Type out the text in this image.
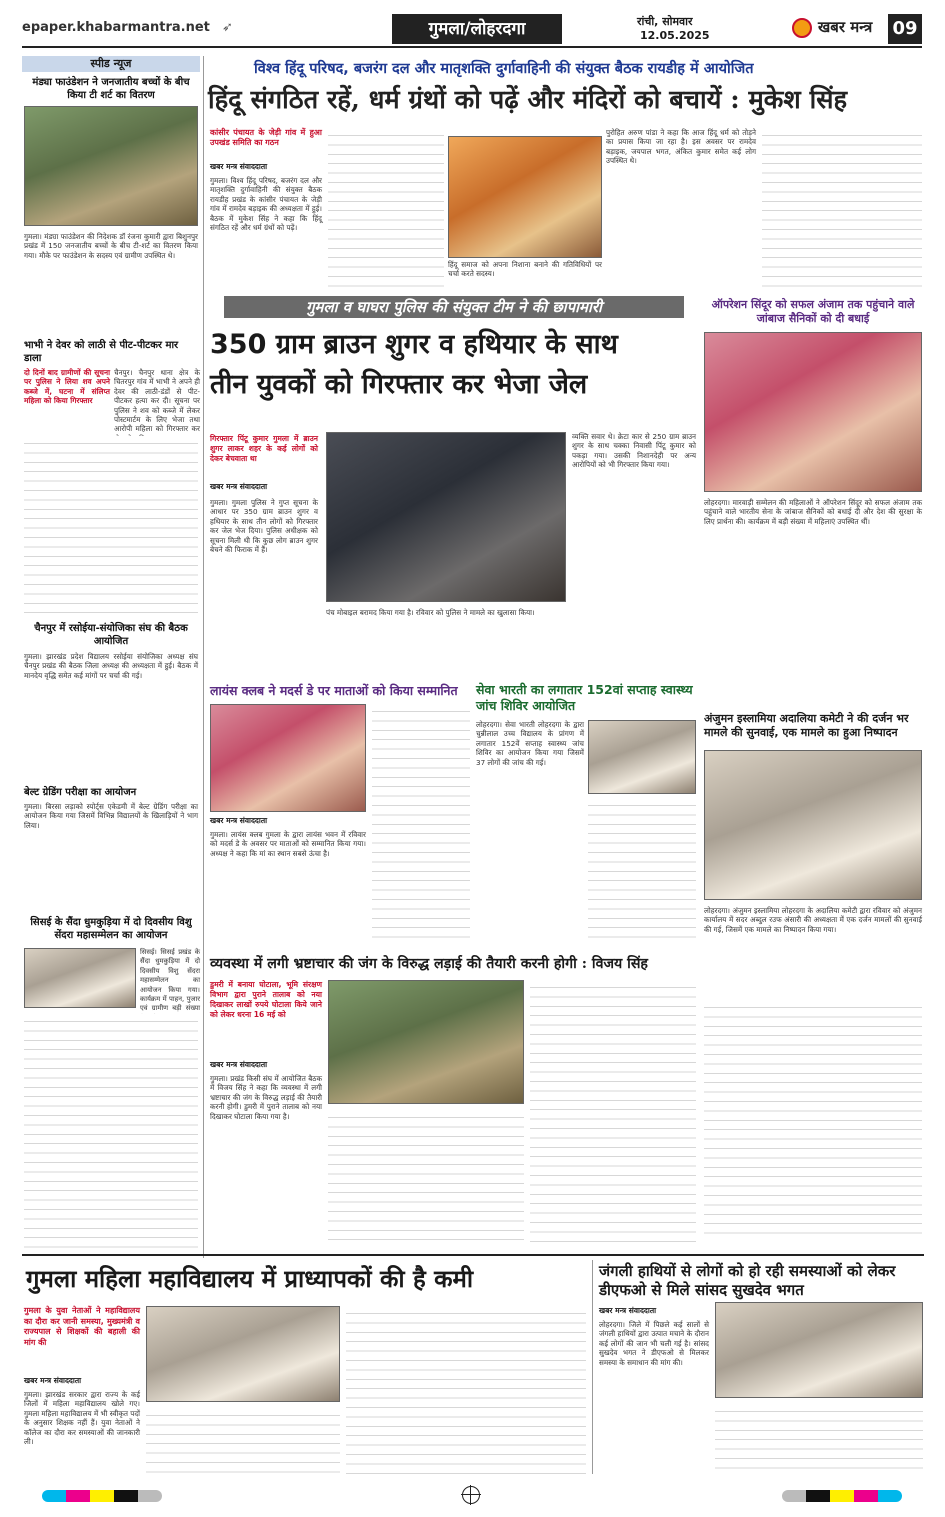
epaper.khabarmantra.net ➶	गुमला/लोहरदगा	रांची, सोमवार
12.05.2025	खबर मन्त्र 09
स्पीड न्यूज
मंड्या फाउंडेशन ने जनजातीय बच्चों के बीच किया टी शर्ट का वितरण
गुमला। मंड्या फाउंडेशन की निदेशक डॉ रंजना कुमारी द्वारा बिशुनपुर प्रखंड में 150 जनजातीय बच्चों के बीच टी-शर्ट का वितरण किया गया। मौके पर फाउंडेशन के सदस्य एवं ग्रामीण उपस्थित थे।
भाभी ने देवर को लाठी से पीट-पीटकर मार डाला
दो दिनों बाद ग्रामीणों की सूचना पर पुलिस ने लिया शव अपने कब्जे में, घटना में संलिप्त महिला को किया गिरफ्तार
चैनपुर। चैनपुर थाना क्षेत्र के चितरपुर गांव में भाभी ने अपने ही देवर की लाठी-डंडों से पीट-पीटकर हत्या कर दी। सूचना पर पुलिस ने शव को कब्जे में लेकर पोस्टमार्टम के लिए भेजा तथा आरोपी महिला को गिरफ्तार कर
चैनपुर में रसोईया-संयोजिका संघ की बैठक आयोजित
गुमला। झारखंड प्रदेश विद्यालय रसोईया संयोजिका अध्यक्ष संघ चैनपुर प्रखंड की बैठक जिला अध्यक्ष की अध्यक्षता में हुई। बैठक में मानदेय वृद्धि समेत कई मांगों पर चर्चा की गई।
बेल्ट ग्रेडिंग परीक्षा का आयोजन
गुमला। बिरसा लड़ाको स्पोर्ट्स एकेडमी में बेल्ट ग्रेडिंग परीक्षा का आयोजन किया गया जिसमें विभिन्न विद्यालयों के खिलाड़ियों ने भाग लिया।
सिसई के सैंदा धुमकुड़िया में दो दिवसीय विशु सेंदरा महासम्मेलन का आयोजन
सिसई। सिसई प्रखंड के सैंदा धुमकुड़िया में दो दिवसीय विशु सेंदरा महासम्मेलन का आयोजन किया गया। कार्यक्रम में पाहन, पुजार एवं ग्रामीण बड़ी संख्या
विश्व हिंदू परिषद, बजरंग दल और मातृशक्ति दुर्गावाहिनी की संयुक्त बैठक रायडीह में आयोजित
हिंदू संगठित रहें, धर्म ग्रंथों को पढ़ें और मंदिरों को बचायें : मुकेश सिंह
कांसीर पंचायत के जेड़ी गांव में हुआ उपखंड समिति का गठन
खबर मन्त्र संवाददाता
गुमला। विश्व हिंदू परिषद, बजरंग दल और मातृशक्ति दुर्गावाहिनी की संयुक्त बैठक रायडीह प्रखंड के कांसीर पंचायत के जेड़ी गांव में रामदेव बड़ाइक की अध्यक्षता में हुई। बैठक में मुकेश सिंह ने कहा कि हिंदू संगठित रहें और धर्म ग्रंथों को पढ़ें।
हिंदू समाज को अपना निशाना बनाने की गतिविधियों पर चर्चा करते सदस्य।
पुरोहित अरुण पांडा ने कहा कि आज हिंदू धर्म को तोड़ने का प्रयास किया जा रहा है। इस अवसर पर रामदेव बड़ाइक, जयपाल भगत, अंकित कुमार समेत कई लोग उपस्थित थे।
गुमला व घाघरा पुलिस की संयुक्त टीम ने की छापामारी
350 ग्राम ब्राउन शुगर व हथियार के साथ
तीन युवकों को गिरफ्तार कर भेजा जेल
गिरफ्तार पिंटू कुमार गुमला में ब्राउन शुगर लाकर शहर के कई लोगों को देकर बेचवाता था
खबर मन्त्र संवाददाता
गुमला। गुमला पुलिस ने गुप्त सूचना के आधार पर 350 ग्राम ब्राउन शुगर व हथियार के साथ तीन लोगों को गिरफ्तार कर जेल भेज दिया। पुलिस अधीक्षक को सूचना मिली थी कि कुछ लोग ब्राउन शुगर बेचने की फिराक में हैं।
पंच मोबाइल बरामद किया गया है। रविवार को पुलिस ने मामले का खुलासा किया।
व्यक्ति सवार थे। क्रेटा कार से 250 ग्राम ब्राउन शुगर के साथ चक्का निवासी पिंटू कुमार को पकड़ा गया। उसकी निशानदेही पर अन्य आरोपियों को भी गिरफ्तार किया गया।
ऑपरेशन सिंदूर को सफल अंजाम तक पहुंचाने वाले जांबाज सैनिकों को दी बधाई
लोहरदगा। मारवाड़ी सम्मेलन की महिलाओं ने ऑपरेशन सिंदूर को सफल अंजाम तक पहुंचाने वाले भारतीय सेना के जांबाज सैनिकों को बधाई दी और देश की सुरक्षा के लिए प्रार्थना की। कार्यक्रम में बड़ी संख्या में महिलाएं उपस्थित थीं।
लायंस क्लब ने मदर्स डे पर माताओं को किया सम्मानित
खबर मन्त्र संवाददाता
गुमला। लायंस क्लब गुमला के द्वारा लायंस भवन में रविवार को मदर्स डे के अवसर पर माताओं को सम्मानित किया गया। अध्यक्ष ने कहा कि मां का स्थान सबसे ऊंचा है।
सेवा भारती का लगातार 152वां सप्ताह स्वास्थ्य जांच शिविर आयोजित
लोहरदगा। सेवा भारती लोहरदगा के द्वारा चुन्नीलाल उच्च विद्यालय के प्रांगण में लगातार 152वें सप्ताह स्वास्थ्य जांच शिविर का आयोजन किया गया जिसमें 37 लोगों की जांच की गई।
अंजुमन इस्लामिया अदालिया कमेटी ने की दर्जन भर मामले की सुनवाई, एक मामले का हुआ निष्पादन
लोहरदगा। अंजुमन इस्लामिया लोहरदगा के अदालिया कमेटी द्वारा रविवार को अंजुमन कार्यालय में सदर अब्दुल रउफ अंसारी की अध्यक्षता में एक दर्जन मामलों की सुनवाई की गई, जिसमें एक मामले का निष्पादन किया गया।
व्यवस्था में लगी भ्रष्टाचार की जंग के विरुद्ध लड़ाई की तैयारी करनी होगी : विजय सिंह
डुमरी में बनाया घोटाला, भूमि संरक्षण विभाग द्वारा पुराने तालाब को नया दिखाकर लाखों रुपये घोटाला किये जाने को लेकर धरना 16 मई को
खबर मन्त्र संवाददाता
गुमला। प्रखंड किसी संघ में आयोजित बैठक में विजय सिंह ने कहा कि व्यवस्था में लगी भ्रष्टाचार की जंग के विरुद्ध लड़ाई की तैयारी करनी होगी। डुमरी में पुराने तालाब को नया दिखाकर घोटाला किया गया है।
गुमला महिला महाविद्यालय में प्राध्यापकों की है कमी
गुमला के युवा नेताओं ने महाविद्यालय का दौरा कर जानी समस्या, मुख्यमंत्री व राज्यपाल से शिक्षकों की बहाली की मांग की
खबर मन्त्र संवाददाता
गुमला। झारखंड सरकार द्वारा राज्य के कई जिलों में महिला महाविद्यालय खोले गए। गुमला महिला महाविद्यालय में भी स्वीकृत पदों के अनुसार शिक्षक नहीं हैं। युवा नेताओं ने कॉलेज का दौरा कर समस्याओं की जानकारी ली।
जंगली हाथियों से लोगों को हो रही समस्याओं को लेकर डीएफओ से मिले सांसद सुखदेव भगत
खबर मन्त्र संवाददाता
लोहरदगा। जिले में पिछले कई सालों से जंगली हाथियों द्वारा उत्पात मचाने के दौरान कई लोगों की जान भी चली गई है। सांसद सुखदेव भगत ने डीएफओ से मिलकर समस्या के समाधान की मांग की।
